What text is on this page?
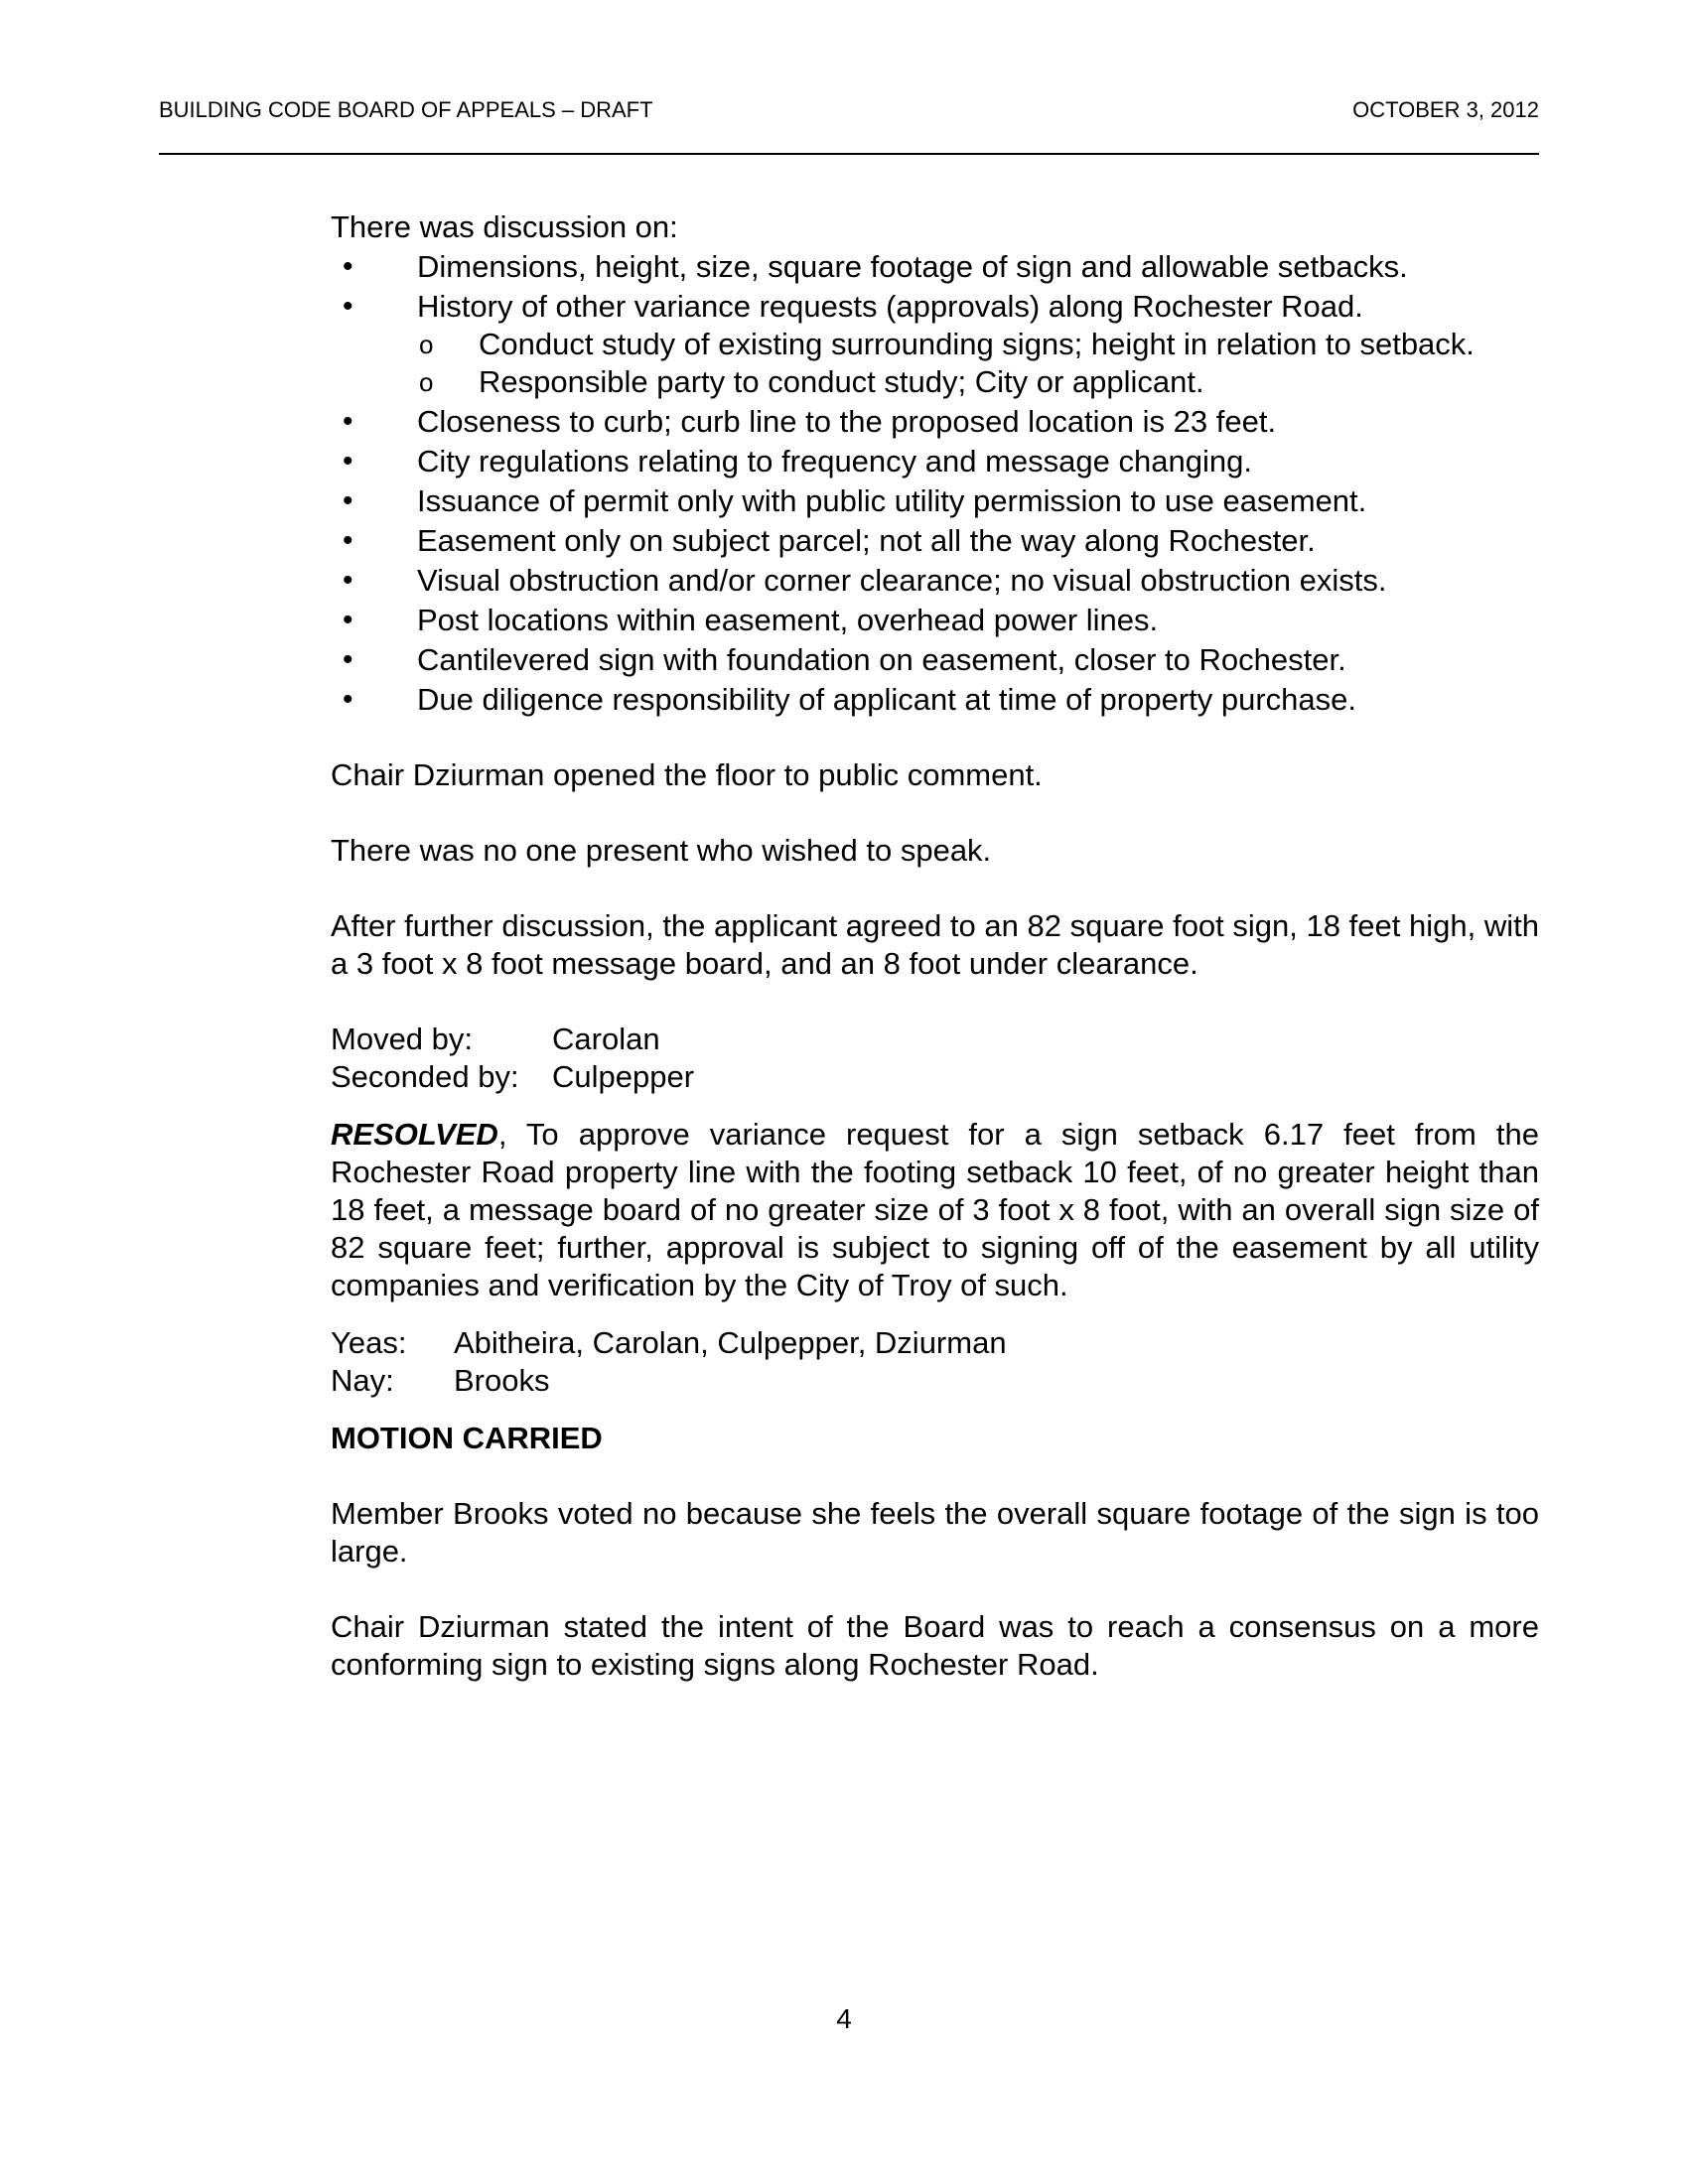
BUILDING CODE BOARD OF APPEALS – DRAFT	OCTOBER 3, 2012

There was discussion on:

• Dimensions, height, size, square footage of sign and allowable setbacks.
• History of other variance requests (approvals) along Rochester Road.
o Conduct study of existing surrounding signs; height in relation to setback.
o Responsible party to conduct study; City or applicant.
• Closeness to curb; curb line to the proposed location is 23 feet.
• City regulations relating to frequency and message changing.
• Issuance of permit only with public utility permission to use easement.
• Easement only on subject parcel; not all the way along Rochester.
• Visual obstruction and/or corner clearance; no visual obstruction exists.
• Post locations within easement, overhead power lines.
• Cantilevered sign with foundation on easement, closer to Rochester.
• Due diligence responsibility of applicant at time of property purchase.

Chair Dziurman opened the floor to public comment.

There was no one present who wished to speak.

After further discussion, the applicant agreed to an 82 square foot sign, 18 feet high, with a 3 foot x 8 foot message board, and an 8 foot under clearance.

Moved by:	Carolan
Seconded by:	Culpepper

RESOLVED, To approve variance request for a sign setback 6.17 feet from the Rochester Road property line with the footing setback 10 feet, of no greater height than 18 feet, a message board of no greater size of 3 foot x 8 foot, with an overall sign size of 82 square feet; further, approval is subject to signing off of the easement by all utility companies and verification by the City of Troy of such.

Yeas:	Abitheira, Carolan, Culpepper, Dziurman
Nay:	Brooks

MOTION CARRIED

Member Brooks voted no because she feels the overall square footage of the sign is too large.

Chair Dziurman stated the intent of the Board was to reach a consensus on a more conforming sign to existing signs along Rochester Road.

4
